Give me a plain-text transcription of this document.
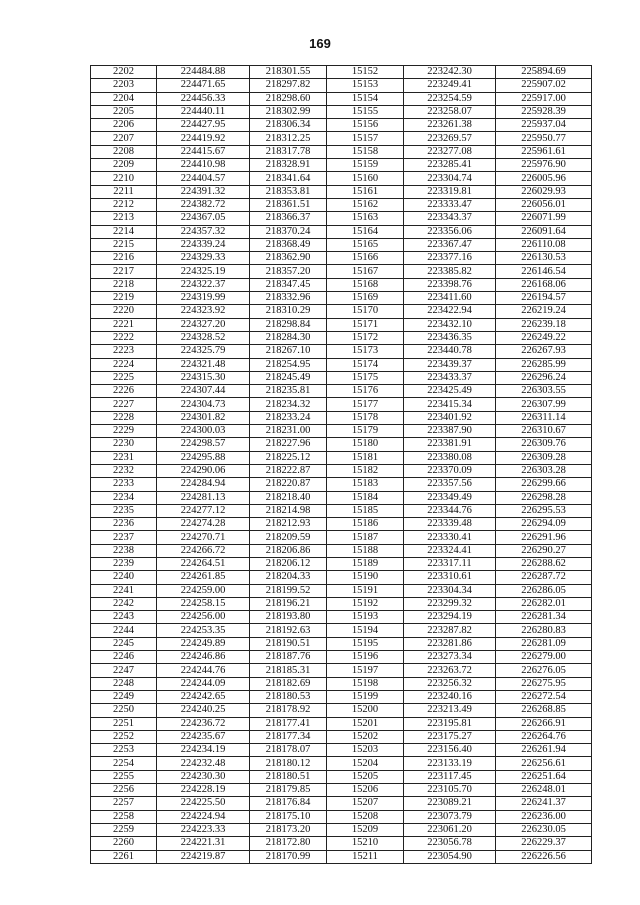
169
2202	224484.88	218301.55	15152	223242.30	225894.69
2203	224471.65	218297.82	15153	223249.41	225907.02
2204	224456.33	218298.60	15154	223254.59	225917.00
2205	224440.11	218302.99	15155	223258.07	225928.39
2206	224427.95	218306.34	15156	223261.38	225937.04
2207	224419.92	218312.25	15157	223269.57	225950.77
2208	224415.67	218317.78	15158	223277.08	225961.61
2209	224410.98	218328.91	15159	223285.41	225976.90
2210	224404.57	218341.64	15160	223304.74	226005.96
2211	224391.32	218353.81	15161	223319.81	226029.93
2212	224382.72	218361.51	15162	223333.47	226056.01
2213	224367.05	218366.37	15163	223343.37	226071.99
2214	224357.32	218370.24	15164	223356.06	226091.64
2215	224339.24	218368.49	15165	223367.47	226110.08
2216	224329.33	218362.90	15166	223377.16	226130.53
2217	224325.19	218357.20	15167	223385.82	226146.54
2218	224322.37	218347.45	15168	223398.76	226168.06
2219	224319.99	218332.96	15169	223411.60	226194.57
2220	224323.92	218310.29	15170	223422.94	226219.24
2221	224327.20	218298.84	15171	223432.10	226239.18
2222	224328.52	218284.30	15172	223436.35	226249.22
2223	224325.79	218267.10	15173	223440.78	226267.93
2224	224321.48	218254.95	15174	223439.37	226285.99
2225	224315.30	218245.49	15175	223433.37	226296.24
2226	224307.44	218235.81	15176	223425.49	226303.55
2227	224304.73	218234.32	15177	223415.34	226307.99
2228	224301.82	218233.24	15178	223401.92	226311.14
2229	224300.03	218231.00	15179	223387.90	226310.67
2230	224298.57	218227.96	15180	223381.91	226309.76
2231	224295.88	218225.12	15181	223380.08	226309.28
2232	224290.06	218222.87	15182	223370.09	226303.28
2233	224284.94	218220.87	15183	223357.56	226299.66
2234	224281.13	218218.40	15184	223349.49	226298.28
2235	224277.12	218214.98	15185	223344.76	226295.53
2236	224274.28	218212.93	15186	223339.48	226294.09
2237	224270.71	218209.59	15187	223330.41	226291.96
2238	224266.72	218206.86	15188	223324.41	226290.27
2239	224264.51	218206.12	15189	223317.11	226288.62
2240	224261.85	218204.33	15190	223310.61	226287.72
2241	224259.00	218199.52	15191	223304.34	226286.05
2242	224258.15	218196.21	15192	223299.32	226282.01
2243	224256.00	218193.80	15193	223294.19	226281.34
2244	224253.35	218192.63	15194	223287.82	226280.83
2245	224249.89	218190.51	15195	223281.86	226281.09
2246	224246.86	218187.76	15196	223273.34	226279.00
2247	224244.76	218185.31	15197	223263.72	226276.05
2248	224244.09	218182.69	15198	223256.32	226275.95
2249	224242.65	218180.53	15199	223240.16	226272.54
2250	224240.25	218178.92	15200	223213.49	226268.85
2251	224236.72	218177.41	15201	223195.81	226266.91
2252	224235.67	218177.34	15202	223175.27	226264.76
2253	224234.19	218178.07	15203	223156.40	226261.94
2254	224232.48	218180.12	15204	223133.19	226256.61
2255	224230.30	218180.51	15205	223117.45	226251.64
2256	224228.19	218179.85	15206	223105.70	226248.01
2257	224225.50	218176.84	15207	223089.21	226241.37
2258	224224.94	218175.10	15208	223073.79	226236.00
2259	224223.33	218173.20	15209	223061.20	226230.05
2260	224221.31	218172.80	15210	223056.78	226229.37
2261	224219.87	218170.99	15211	223054.90	226226.56
